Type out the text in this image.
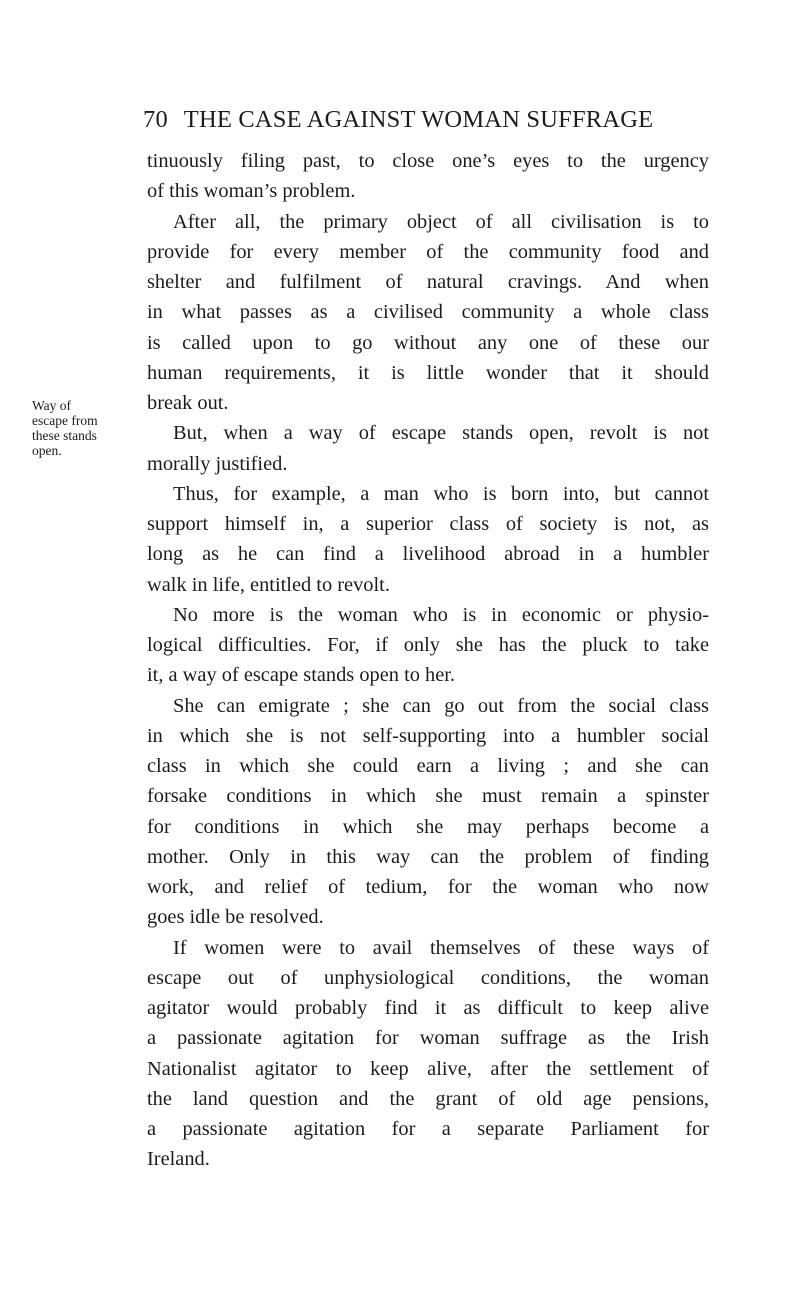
70 THE CASE AGAINST WOMAN SUFFRAGE
Way of
escape from
these stands
open.
tinuously filing past, to close one’s eyes to the urgency
of this woman’s problem.
After all, the primary object of all civilisation is to
provide for every member of the community food and
shelter and fulfilment of natural cravings. And when
in what passes as a civilised community a whole class
is called upon to go without any one of these our
human requirements, it is little wonder that it should
break out.
But, when a way of escape stands open, revolt is not
morally justified.
Thus, for example, a man who is born into, but cannot
support himself in, a superior class of society is not, as
long as he can find a livelihood abroad in a humbler
walk in life, entitled to revolt.
No more is the woman who is in economic or physio-
logical difficulties. For, if only she has the pluck to take
it, a way of escape stands open to her.
She can emigrate ; she can go out from the social class
in which she is not self-supporting into a humbler social
class in which she could earn a living ; and she can
forsake conditions in which she must remain a spinster
for conditions in which she may perhaps become a
mother. Only in this way can the problem of finding
work, and relief of tedium, for the woman who now
goes idle be resolved.
If women were to avail themselves of these ways of
escape out of unphysiological conditions, the woman
agitator would probably find it as difficult to keep alive
a passionate agitation for woman suffrage as the Irish
Nationalist agitator to keep alive, after the settlement of
the land question and the grant of old age pensions,
a passionate agitation for a separate Parliament for
Ireland.
